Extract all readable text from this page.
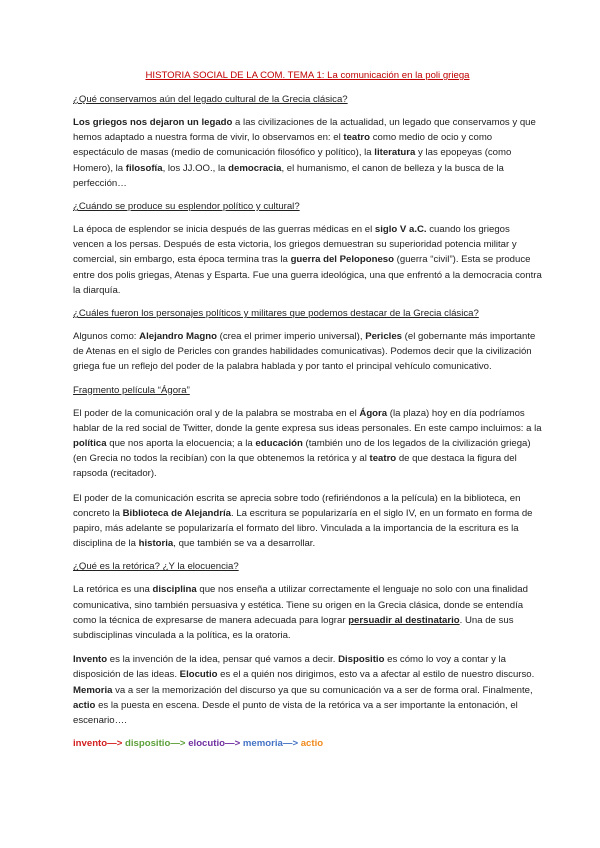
HISTORIA SOCIAL DE LA COM. TEMA 1: La comunicación en la poli griega
¿Qué conservamos aún del legado cultural de la Grecia clásica?
Los griegos nos dejaron un legado a las civilizaciones de la actualidad, un legado que conservamos y que hemos adaptado a nuestra forma de vivir, lo observamos en: el teatro como medio de ocio y como espectáculo de masas (medio de comunicación filosófico y político), la literatura y las epopeyas (como Homero), la filosofía, los JJ.OO., la democracia, el humanismo, el canon de belleza y la busca de la perfección…
¿Cuándo se produce su esplendor político y cultural?
La época de esplendor se inicia después de las guerras médicas en el siglo V a.C. cuando los griegos vencen a los persas. Después de esta victoria, los griegos demuestran su superioridad potencia militar y comercial, sin embargo, esta época termina tras la guerra del Peloponeso (guerra “civil”). Esta se produce entre dos polis griegas, Atenas y Esparta. Fue una guerra ideológica, una que enfrentó a la democracia contra la diarquía.
¿Cuáles fueron los personajes políticos y militares que podemos destacar de la Grecia clásica?
Algunos como: Alejandro Magno (crea el primer imperio universal), Pericles (el gobernante más importante de Atenas en el siglo de Pericles con grandes habilidades comunicativas). Podemos decir que la civilización griega fue un reflejo del poder de la palabra hablada y por tanto el principal vehículo comunicativo.
Fragmento película “Ágora”
El poder de la comunicación oral y de la palabra se mostraba en el Ágora (la plaza) hoy en día podríamos hablar de la red social de Twitter, donde la gente expresa sus ideas personales. En este campo incluimos: a la política que nos aporta la elocuencia; a la educación (también uno de los legados de la civilización griega) (en Grecia no todos la recibían) con la que obtenemos la retórica y al teatro de que destaca la figura del rapsoda (recitador).
El poder de la comunicación escrita se aprecia sobre todo (refiriéndonos a la película) en la biblioteca, en concreto la Biblioteca de Alejandría. La escritura se popularizaría en el siglo IV, en un formato en forma de papiro, más adelante se popularizaría el formato del libro. Vinculada a la importancia de la escritura es la disciplina de la historia, que también se va a desarrollar.
¿Qué es la retórica? ¿Y la elocuencia?
La retórica es una disciplina que nos enseña a utilizar correctamente el lenguaje no solo con una finalidad comunicativa, sino también persuasiva y estética. Tiene su origen en la Grecia clásica, donde se entendía como la técnica de expresarse de manera adecuada para lograr persuadir al destinatario. Una de sus subdisciplinas vinculada a la política, es la oratoria.
Invento es la invención de la idea, pensar qué vamos a decir. Dispositio es cómo lo voy a contar y la disposición de las ideas. Elocutio es el a quién nos dirigimos, esto va a afectar al estilo de nuestro discurso. Memoria va a ser la memorización del discurso ya que su comunicación va a ser de forma oral. Finalmente, actio es la puesta en escena. Desde el punto de vista de la retórica va a ser importante la entonación, el escenario….
invento—> dispositio—> elocutio—> memoria—> actio
